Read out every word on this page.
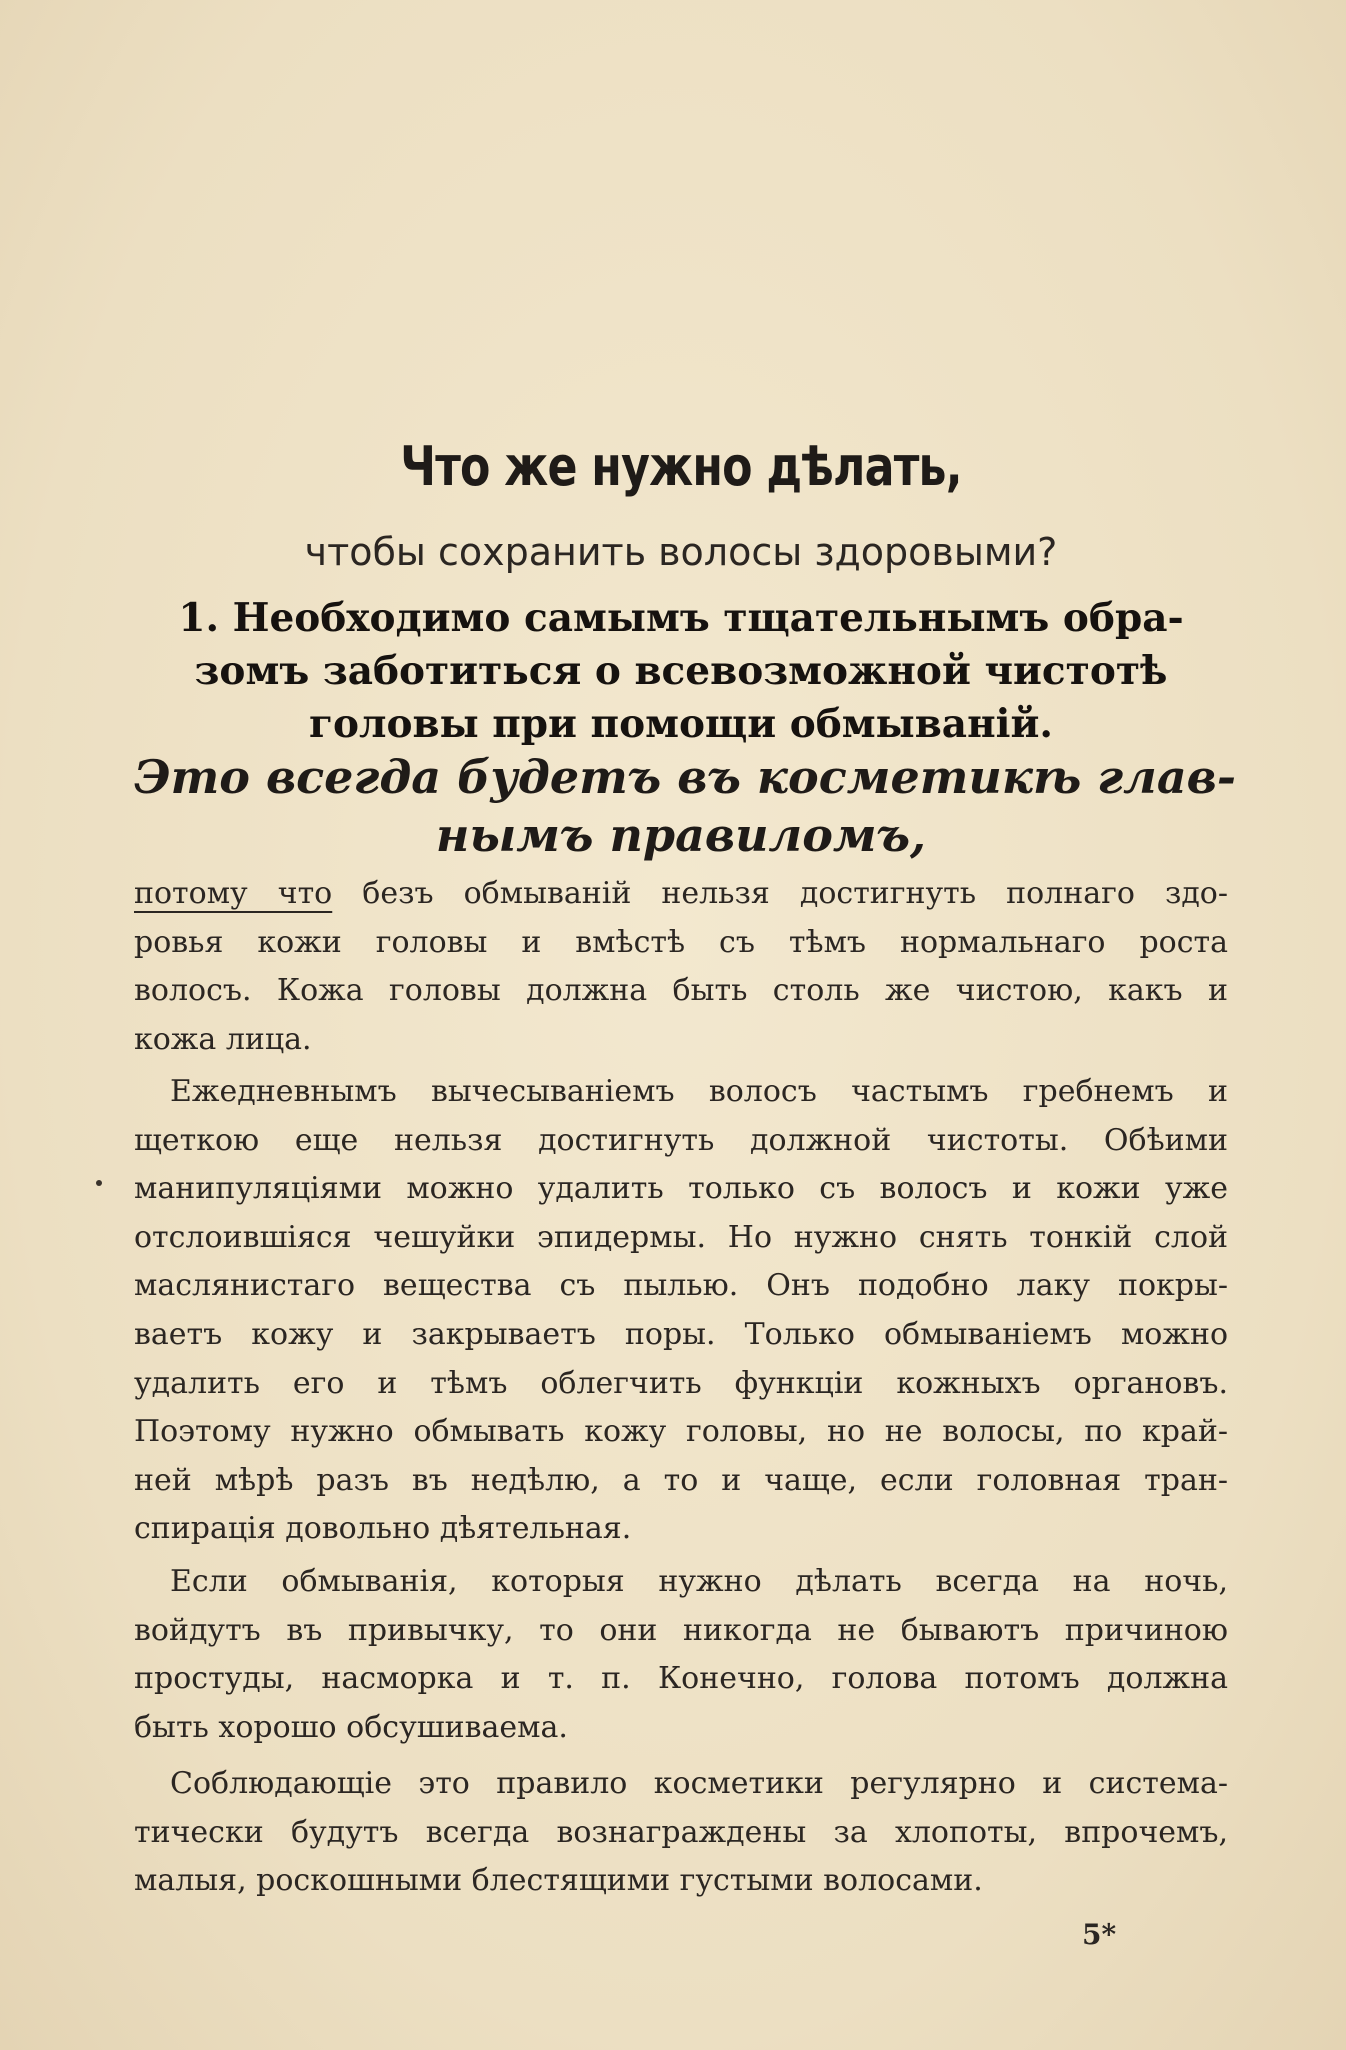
Что же нужно дѣлать,
чтобы сохранить волосы здоровыми?
1. Необходимо самымъ тщательнымъ обра-
зомъ заботиться о всевозможной чистотѣ
головы при помощи обмываній.
Это всегда будетъ въ косметикѣ глав-
нымъ правиломъ,
потому что безъ обмываній нельзя достигнуть полнаго здо-
ровья кожи головы и вмѣстѣ съ тѣмъ нормальнаго роста
волосъ. Кожа головы должна быть столь же чистою, какъ и
кожа лица.
Ежедневнымъ вычесываніемъ волосъ частымъ гребнемъ и
щеткою еще нельзя достигнуть должной чистоты. Обѣими
манипуляціями можно удалить только съ волосъ и кожи уже
отслоившіяся чешуйки эпидермы. Но нужно снять тонкій слой
маслянистаго вещества съ пылью. Онъ подобно лаку покры-
ваетъ кожу и закрываетъ поры. Только обмываніемъ можно
удалить его и тѣмъ облегчить функціи кожныхъ органовъ.
Поэтому нужно обмывать кожу головы, но не волосы, по край-
ней мѣрѣ разъ въ недѣлю, а то и чаще, если головная тран-
спирація довольно дѣятельная.
Если обмыванія, которыя нужно дѣлать всегда на ночь,
войдутъ въ привычку, то они никогда не бываютъ причиною
простуды, насморка и т. п. Конечно, голова потомъ должна
быть хорошо обсушиваема.
Соблюдающіе это правило косметики регулярно и система-
тически будутъ всегда вознаграждены за хлопоты, впрочемъ,
малыя, роскошными блестящими густыми волосами.
5*
